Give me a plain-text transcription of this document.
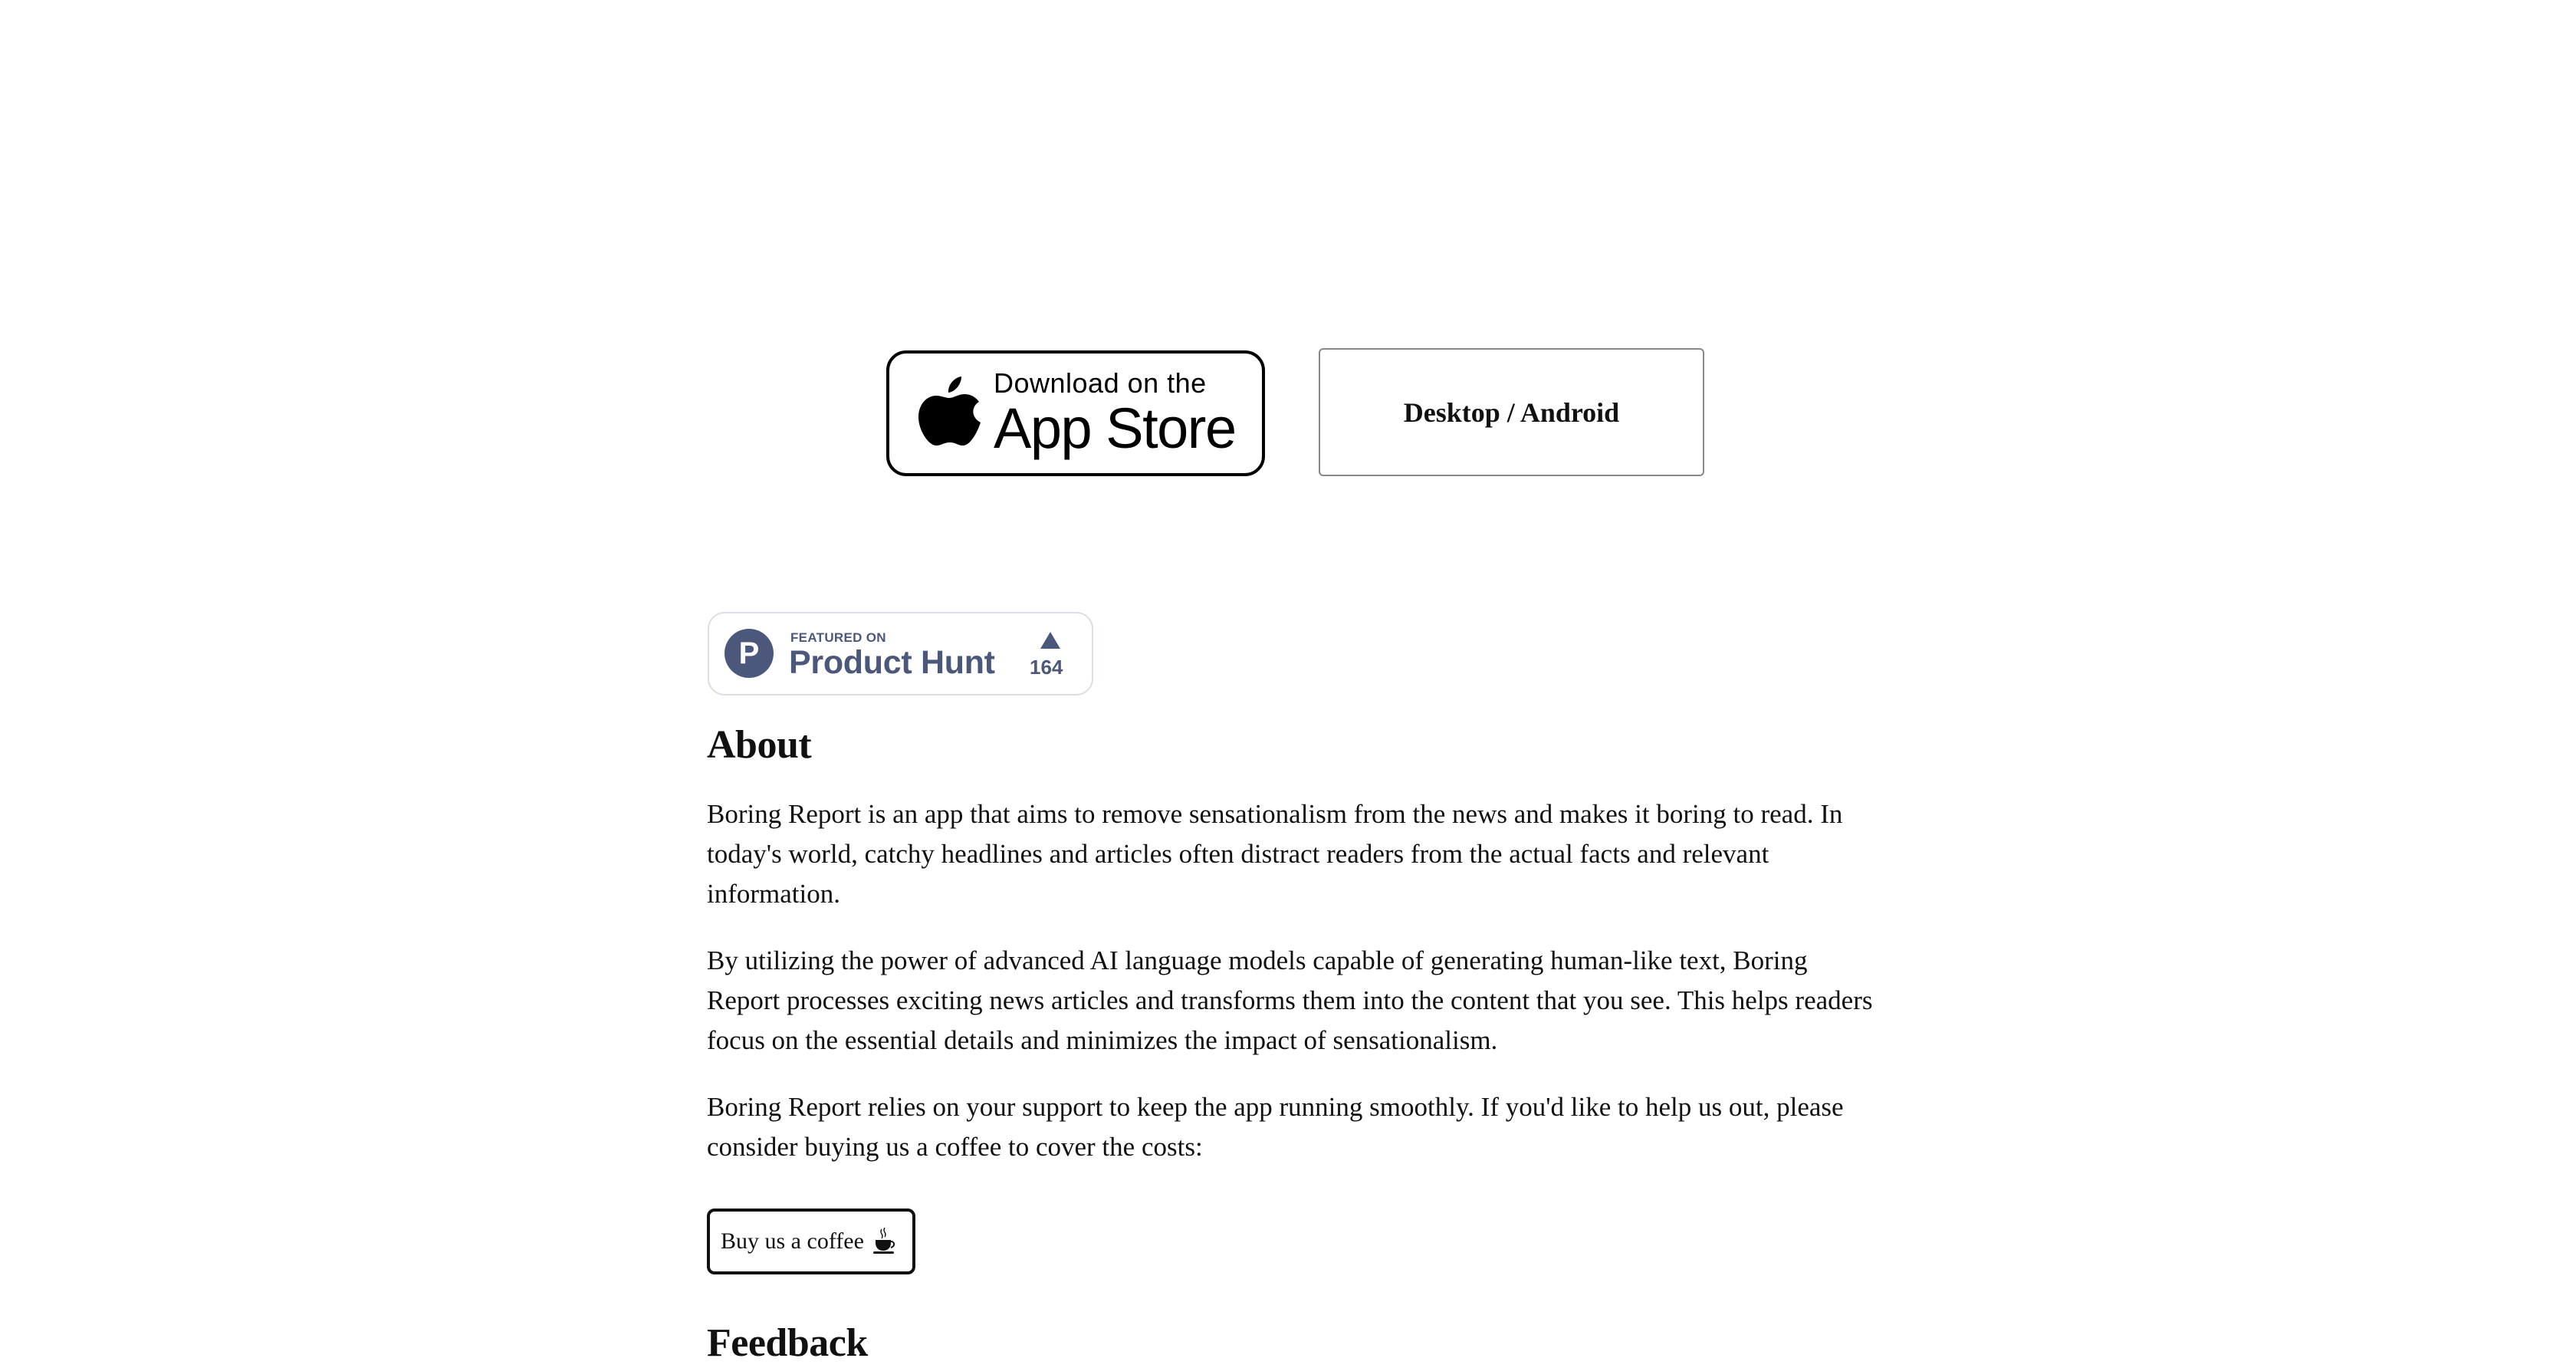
Download on the
App Store	Desktop / Android
P	FEATURED ON
Product Hunt 164
About

Boring Report is an app that aims to remove sensationalism from the news and makes it boring to read. In today's world, catchy headlines and articles often distract readers from the actual facts and relevant information.

By utilizing the power of advanced AI language models capable of generating human-like text, Boring Report processes exciting news articles and transforms them into the content that you see. This helps readers focus on the essential details and minimizes the impact of sensationalism.

Boring Report relies on your support to keep the app running smoothly. If you'd like to help us out, please consider buying us a coffee to cover the costs:

Buy us a coffee
Feedback
